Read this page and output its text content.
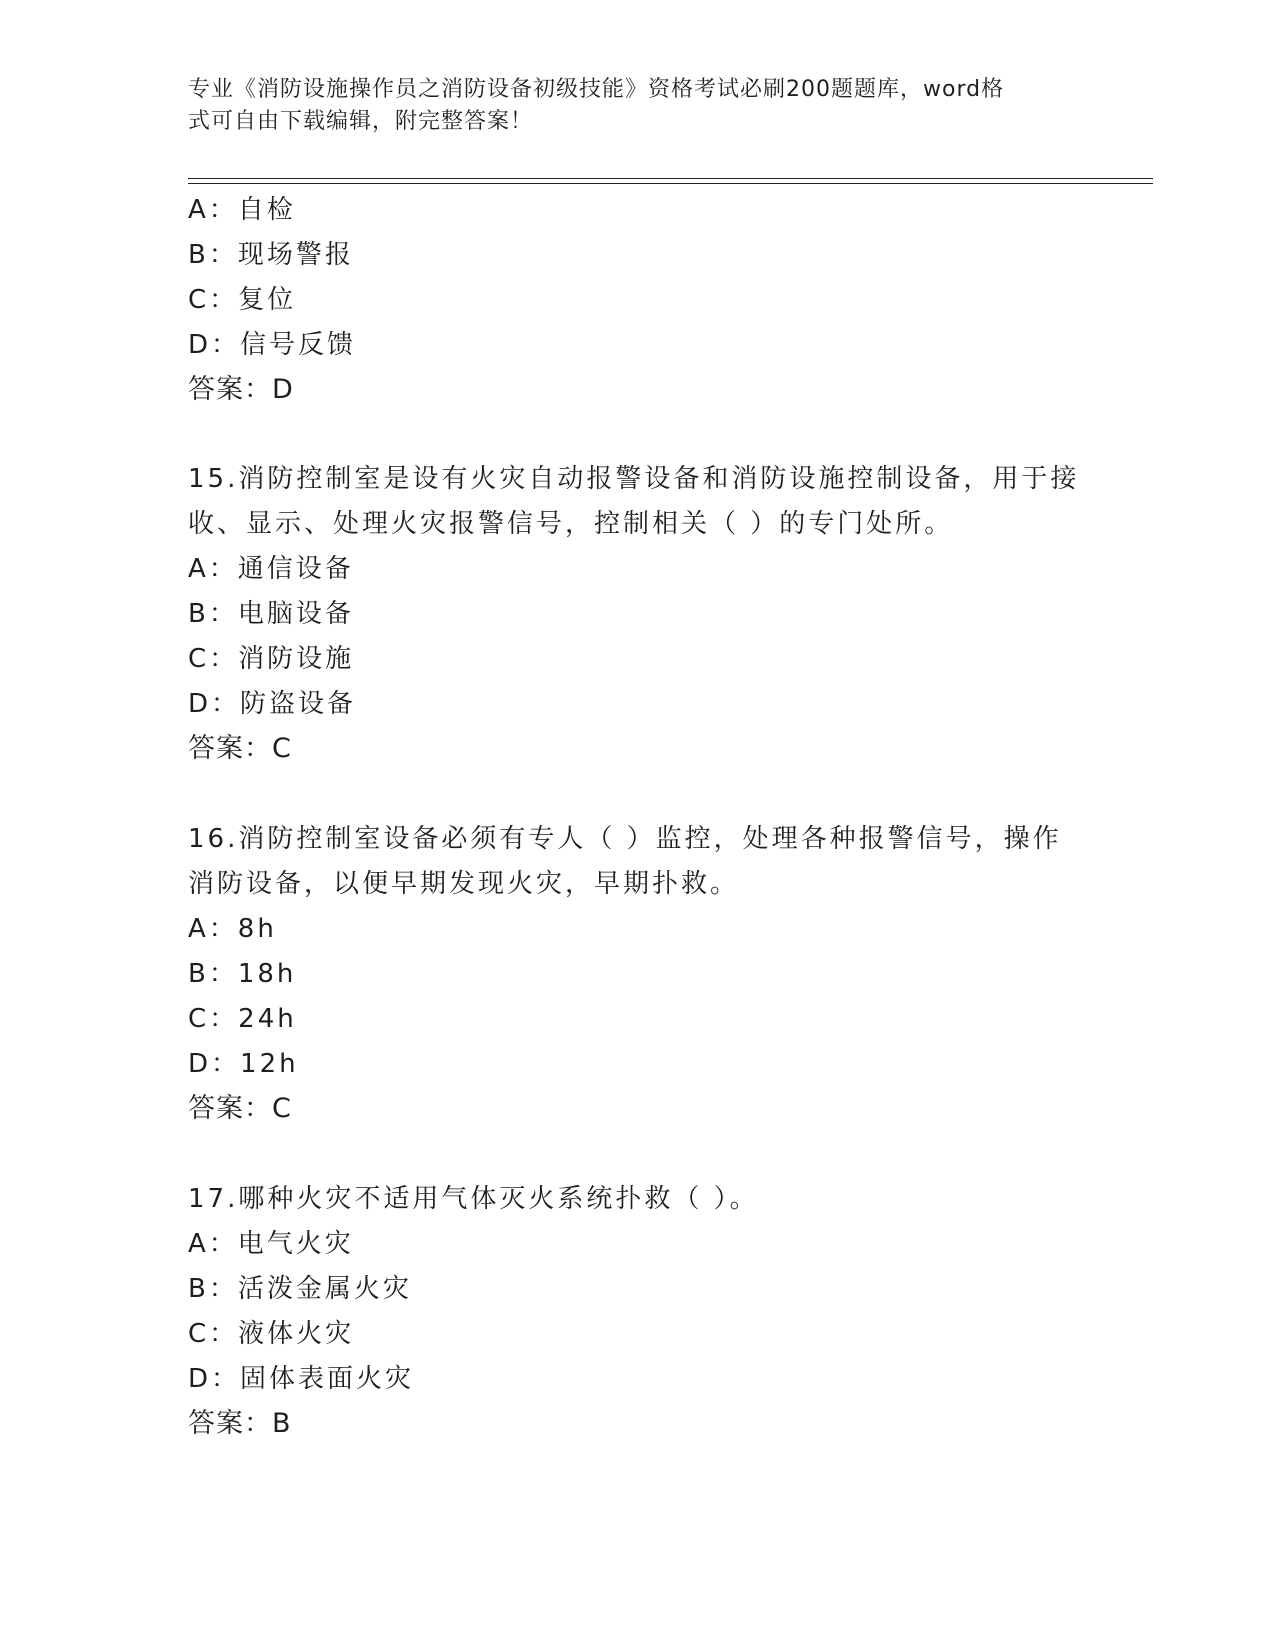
专业《消防设施操作员之消防设备初级技能》资格考试必刷200题题库，word格
式可自由下载编辑，附完整答案！
A：自检
B：现场警报
C：复位
D：信号反馈
答案：D
15.消防控制室是设有火灾自动报警设备和消防设施控制设备，用于接
收、显示、处理火灾报警信号，控制相关（ ）的专门处所。
A：通信设备
B：电脑设备
C：消防设施
D：防盗设备
答案：C
16.消防控制室设备必须有专人（ ）监控，处理各种报警信号，操作
消防设备，以便早期发现火灾，早期扑救。
A：8h
B：18h
C：24h
D：12h
答案：C
17.哪种火灾不适用气体灭火系统扑救（ ）。
A：电气火灾
B：活泼金属火灾
C：液体火灾
D：固体表面火灾
答案：B
